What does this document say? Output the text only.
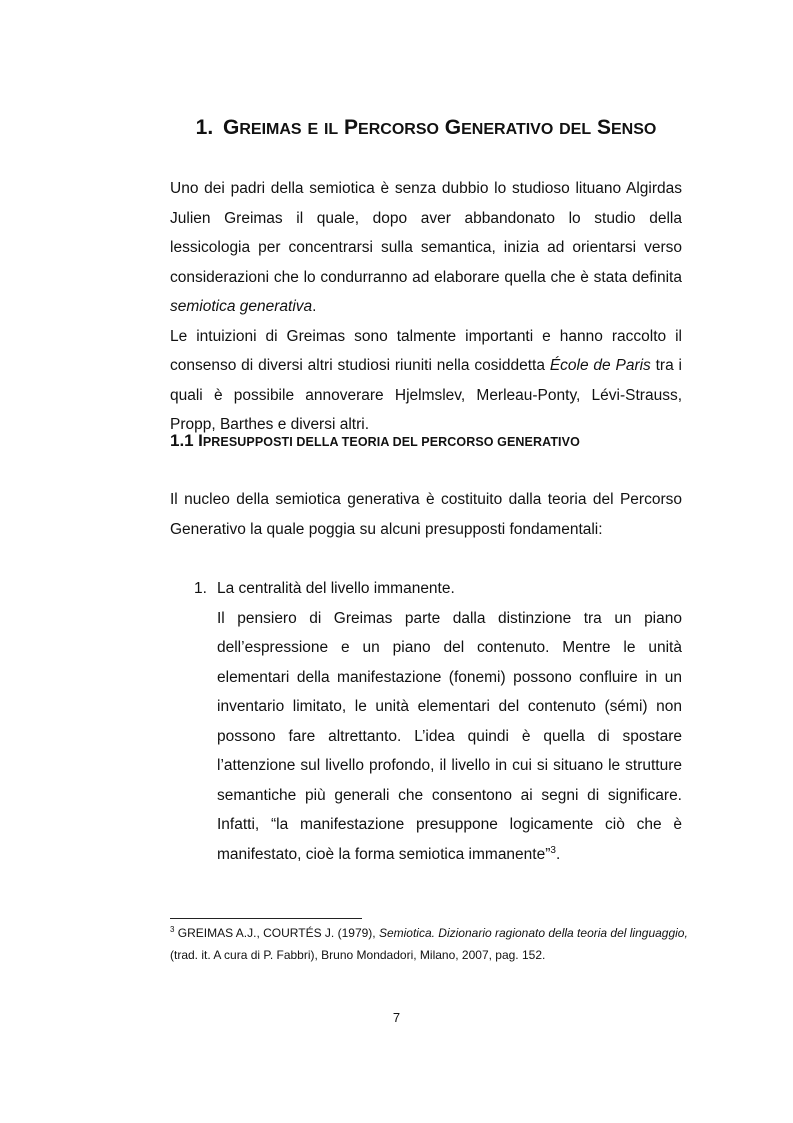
1. GREIMAS E IL PERCORSO GENERATIVO DEL SENSO

Uno dei padri della semiotica è senza dubbio lo studioso lituano Algirdas Julien Greimas il quale, dopo aver abbandonato lo studio della lessicologia per concentrarsi sulla semantica, inizia ad orientarsi verso considerazioni che lo condurranno ad elaborare quella che è stata definita semiotica generativa.

Le intuizioni di Greimas sono talmente importanti e hanno raccolto il consenso di diversi altri studiosi riuniti nella cosiddetta École de Paris tra i quali è possibile annoverare Hjelmslev, Merleau-Ponty, Lévi-Strauss, Propp, Barthes e diversi altri.

1.1 IPRESUPPOSTI DELLA TEORIA DEL PERCORSO GENERATIVO

Il nucleo della semiotica generativa è costituito dalla teoria del Percorso Generativo la quale poggia su alcuni presupposti fondamentali:

1. La centralità del livello immanente.
Il pensiero di Greimas parte dalla distinzione tra un piano dell’espressione e un piano del contenuto. Mentre le unità elementari della manifestazione (fonemi) possono confluire in un inventario limitato, le unità elementari del contenuto (sémi) non possono fare altrettanto. L’idea quindi è quella di spostare l’attenzione sul livello profondo, il livello in cui si situano le strutture semantiche più generali che consentono ai segni di significare. Infatti, “la manifestazione presuppone logicamente ciò che è manifestato, cioè la forma semiotica immanente”$^3$.
$^3$ GREIMAS A.J., COURTÉS J. (1979), Semiotica. Dizionario ragionato della teoria del linguaggio, (trad. it. A cura di P. Fabbri), Bruno Mondadori, Milano, 2007, pag. 152.
7
